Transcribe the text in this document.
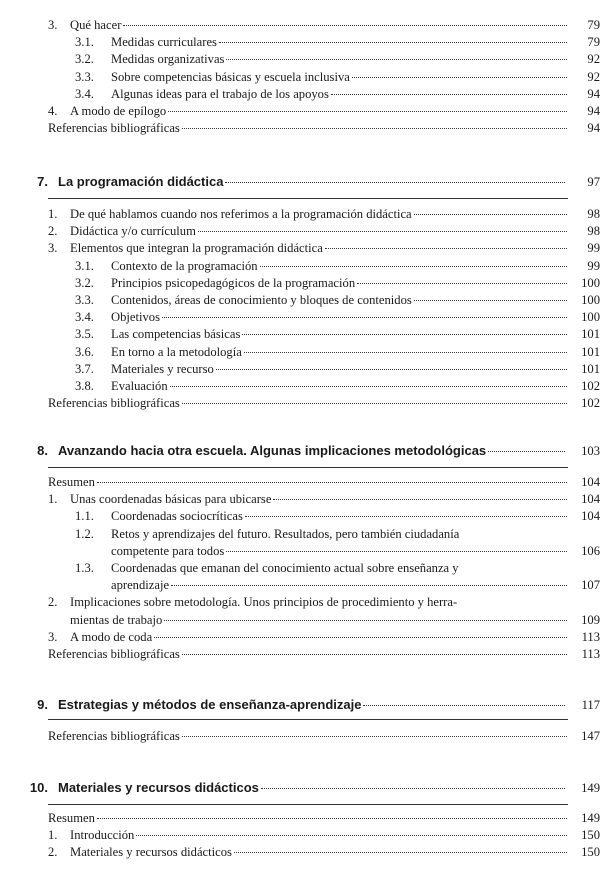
3. Qué hacer	79
3.1.	Medidas curriculares	79
3.2.	Medidas organizativas	92
3.3.	Sobre competencias básicas y escuela inclusiva	92
3.4.	Algunas ideas para el trabajo de los apoyos	94
4. A modo de epílogo	94
Referencias bibliográficas	94
7. La programación didáctica	97
1. De qué hablamos cuando nos referimos a la programación didáctica	98
2. Didáctica y/o currículum	98
3. Elementos que integran la programación didáctica	99
3.1.	Contexto de la programación	99
3.2.	Principios psicopedagógicos de la programación	100
3.3.	Contenidos, áreas de conocimiento y bloques de contenidos	100
3.4.	Objetivos	100
3.5.	Las competencias básicas	101
3.6.	En torno a la metodología	101
3.7.	Materiales y recurso	101
3.8.	Evaluación	102
Referencias bibliográficas	102
8. Avanzando hacia otra escuela. Algunas implicaciones metodológicas	103
Resumen	104
1. Unas coordenadas básicas para ubicarse	104
1.1.	Coordenadas sociocríticas	104
1.2. Retos y aprendizajes del futuro. Resultados, pero también ciudadanía
competente para todos	106
1.3. Coordenadas que emanan del conocimiento actual sobre enseñanza y
aprendizaje	107
2. Implicaciones sobre metodología. Unos principios de procedimiento y herra-
mientas de trabajo	109
3. A modo de coda	113
Referencias bibliográficas	113
9. Estrategias y métodos de enseñanza-aprendizaje	117
Referencias bibliográficas	147
10. Materiales y recursos didácticos	149
Resumen	149
1. Introducción	150
2. Materiales y recursos didácticos	150
